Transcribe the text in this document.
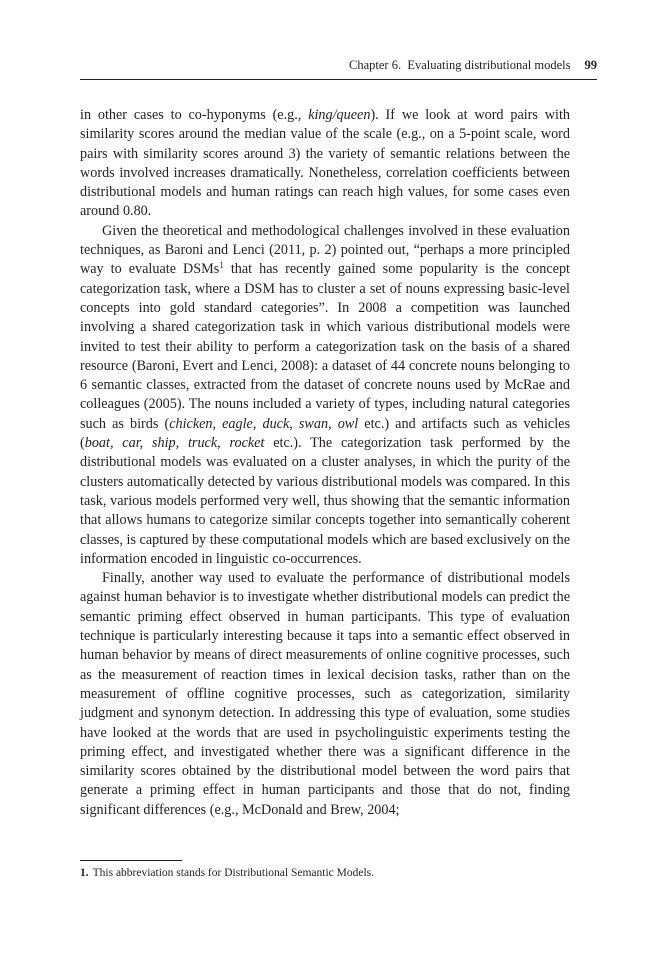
Chapter 6. Evaluating distributional models 99

in other cases to co-hyponyms (e.g., king/queen). If we look at word pairs with similarity scores around the median value of the scale (e.g., on a 5-point scale, word pairs with similarity scores around 3) the variety of semantic relations between the words involved increases dramatically. Nonetheless, correlation coefficients between distributional models and human ratings can reach high values, for some cases even around 0.80.

Given the theoretical and methodological challenges involved in these evaluation techniques, as Baroni and Lenci (2011, p. 2) pointed out, “perhaps a more principled way to evaluate DSMs$^1$ that has recently gained some popularity is the concept categorization task, where a DSM has to cluster a set of nouns expressing basic-level concepts into gold standard categories”. In 2008 a competition was launched involving a shared categorization task in which various distributional models were invited to test their ability to perform a categorization task on the basis of a shared resource (Baroni, Evert and Lenci, 2008): a dataset of 44 concrete nouns belonging to 6 semantic classes, extracted from the dataset of concrete nouns used by McRae and colleagues (2005). The nouns included a variety of types, including natural categories such as birds (chicken, eagle, duck, swan, owl etc.) and artifacts such as vehicles (boat, car, ship, truck, rocket etc.). The categorization task performed by the distributional models was evaluated on a cluster analyses, in which the purity of the clusters automatically detected by various distributional models was compared. In this task, various models performed very well, thus showing that the semantic information that allows humans to categorize similar concepts together into semantically coherent classes, is captured by these computational models which are based exclusively on the information encoded in linguistic co-occurrences.

Finally, another way used to evaluate the performance of distributional models against human behavior is to investigate whether distributional models can predict the semantic priming effect observed in human participants. This type of evaluation technique is particularly interesting because it taps into a semantic effect observed in human behavior by means of direct measurements of online cognitive processes, such as the measurement of reaction times in lexical decision tasks, rather than on the measurement of offline cognitive processes, such as categorization, similarity judgment and synonym detection. In addressing this type of evaluation, some studies have looked at the words that are used in psycholinguistic experiments testing the priming effect, and investigated whether there was a significant difference in the similarity scores obtained by the distributional model between the word pairs that generate a priming effect in human participants and those that do not, finding significant differences (e.g., McDonald and Brew, 2004;

1. This abbreviation stands for Distributional Semantic Models.
